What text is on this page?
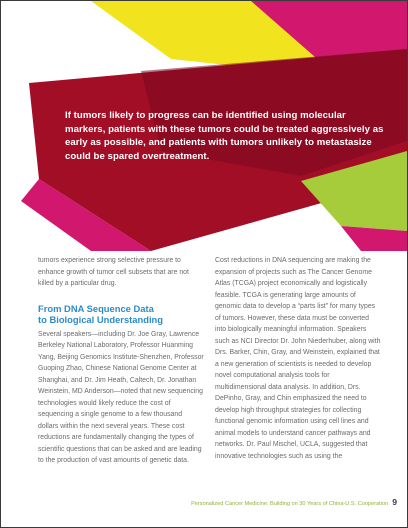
If tumors likely to progress can be identified using molecular markers, patients with these tumors could be treated aggressively as early as possible, and patients with tumors unlikely to metastasize could be spared overtreatment.

tumors experience strong selective pressure to enhance growth of tumor cell subsets that are not killed by a particular drug.

From DNA Sequence Data
to Biological Understanding

Several speakers—including Dr. Joe Gray, Lawrence Berkeley National Laboratory, Professor Huanming Yang, Beijing Genomics Institute-Shenzhen, Professor Guoping Zhao, Chinese National Genome Center at Shanghai, and Dr. Jim Heath, Caltech, Dr. Jonathan Weinstein, MD Anderson—noted that new sequencing technologies would likely reduce the cost of sequencing a single genome to a few thousand dollars within the next several years. These cost reductions are fundamentally changing the types of scientific questions that can be asked and are leading to the production of vast amounts of genetic data.

Cost reductions in DNA sequencing are making the expansion of projects such as The Cancer Genome Atlas (TCGA) project economically and logistically feasible. TCGA is generating large amounts of genomic data to develop a “parts list” for many types of tumors. However, these data must be converted into biologically meaningful information. Speakers such as NCI Director Dr. John Niederhuber, along with Drs. Barker, Chin, Gray, and Weinstein, explained that a new generation of scientists is needed to develop novel computational analysis tools for multidimensional data analysis. In addition, Drs. DePinho, Gray, and Chin emphasized the need to develop high throughput strategies for collecting functional genomic information using cell lines and animal models to understand cancer pathways and networks. Dr. Paul Mischel, UCLA, suggested that innovative technologies such as using the

Personalized Cancer Medicine: Building on 30 Years of China-U.S. Cooperation 9
